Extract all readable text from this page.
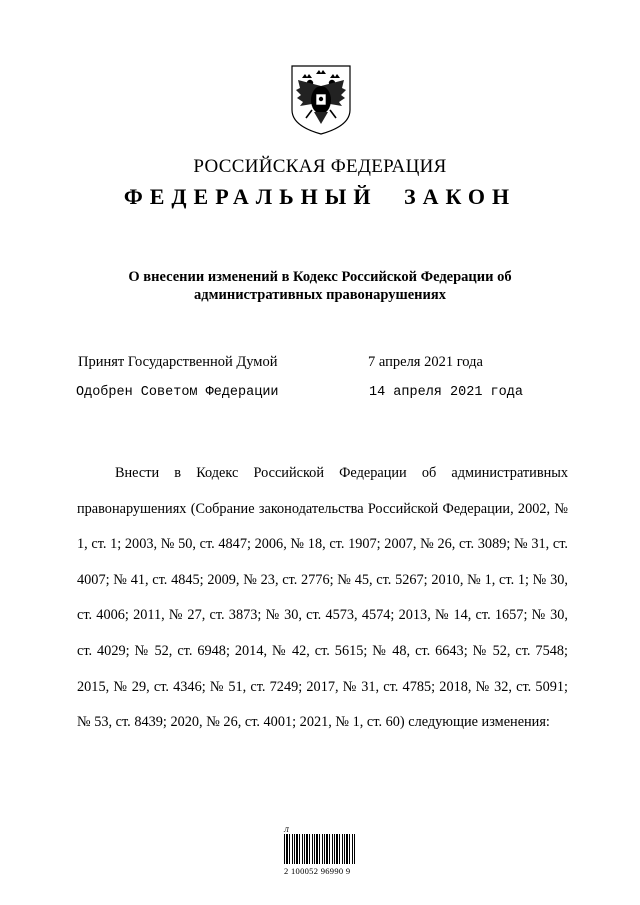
РОССИЙСКАЯ ФЕДЕРАЦИЯ
ФЕДЕРАЛЬНЫЙ ЗАКОН
О внесении изменений в Кодекс Российской Федерации об административных правонарушениях
Принят Государственной Думой	7 апреля 2021 года
Одобрен Советом Федерации	14 апреля 2021 года
Внести в Кодекс Российской Федерации об административных правонарушениях (Собрание законодательства Российской Федерации, 2002, № 1, ст. 1; 2003, № 50, ст. 4847; 2006, № 18, ст. 1907; 2007, № 26, ст. 3089; № 31, ст. 4007; № 41, ст. 4845; 2009, № 23, ст. 2776; № 45, ст. 5267; 2010, № 1, ст. 1; № 30, ст. 4006; 2011, № 27, ст. 3873; № 30, ст. 4573, 4574; 2013, № 14, ст. 1657; № 30, ст. 4029; № 52, ст. 6948; 2014, № 42, ст. 5615; № 48, ст. 6643; № 52, ст. 7548; 2015, № 29, ст. 4346; № 51, ст. 7249; 2017, № 31, ст. 4785; 2018, № 32, ст. 5091; № 53, ст. 8439; 2020, № 26, ст. 4001; 2021, № 1, ст. 60) следующие изменения:
Л
2 100052 96990 9
